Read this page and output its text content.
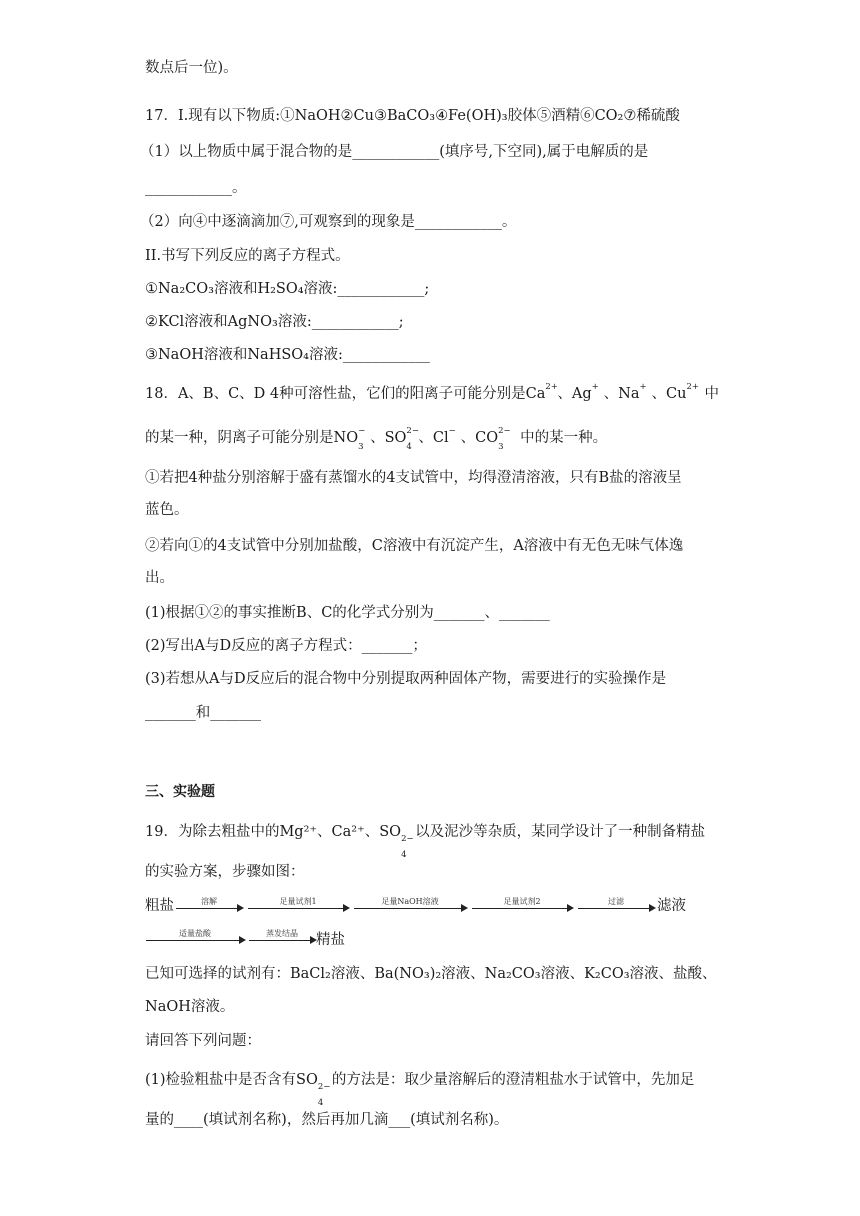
数点后一位)。
17．I.现有以下物质:①NaOH②Cu③BaCO₃④Fe(OH)₃胶体⑤酒精⑥CO₂⑦稀硫酸
（1）以上物质中属于混合物的是____________(填序号,下空同),属于电解质的是
____________。
（2）向④中逐滴滴加⑦,可观察到的现象是____________。
II.书写下列反应的离子方程式。
①Na₂CO₃溶液和H₂SO₄溶液:____________;
②KCl溶液和AgNO₃溶液:____________;
③NaOH溶液和NaHSO₄溶液:____________
18．A、B、C、D 4种可溶性盐，它们的阳离子可能分别是Ca 2+ 、Ag + 、Na + 、Cu 2+ 中
的某一种，阴离子可能分别是NO −
3
、SO 2−
4
、Cl − 、CO 2−
3
中的某一种。
①若把4种盐分别溶解于盛有蒸馏水的4支试管中，均得澄清溶液，只有B盐的溶液呈
蓝色。
②若向①的4支试管中分别加盐酸，C溶液中有沉淀产生，A溶液中有无色无味气体逸
出。
(1)根据①②的事实推断B、C的化学式分别为_______、_______
(2)写出A与D反应的离子方程式：_______；
(3)若想从A与D反应后的混合物中分别提取两种固体产物，需要进行的实验操作是
_______和_______
三、实验题
19．为除去粗盐中的Mg²⁺、Ca²⁺、SO 2−
4
以及泥沙等杂质，某同学设计了一种制备精盐
的实验方案，步骤如图：
粗盐	溶解	足量试剂1	足量NaOH溶液	足量试剂2	过滤	滤液
适量盐酸	蒸发结晶	精盐
已知可选择的试剂有：BaCl₂溶液、Ba(NO₃)₂溶液、Na₂CO₃溶液、K₂CO₃溶液、盐酸、
NaOH溶液。
请回答下列问题：
(1)检验粗盐中是否含有SO 2−
4
的方法是：取少量溶解后的澄清粗盐水于试管中，先加足
量的____(填试剂名称)，然后再加几滴___(填试剂名称)。
